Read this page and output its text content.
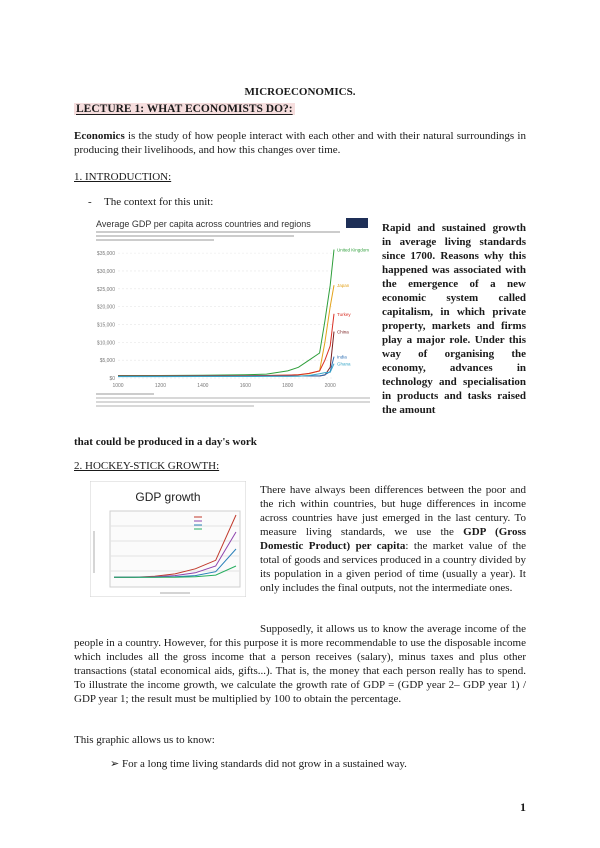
MICROECONOMICS.
LECTURE 1: WHAT ECONOMISTS DO?:
Economics is the study of how people interact with each other and with their natural surroundings in producing their livelihoods, and how this changes over time.
1. INTRODUCTION:
- The context for this unit:
Average GDP per capita across countries and regions
$0
$5,000
$10,000
$15,000
$20,000
$25,000
$30,000
$35,000
1000	1200	1400	1600	1800	2000
United Kingdom
Japan
Turkey
China
India
Ghana
Rapid and sustained growth in average living standards since 1700. Reasons why this happened was associated with the emergence of a new economic system called capitalism, in which private property, markets and firms play a major role. Under this way of organising the economy, advances in technology and specialisation in products and tasks raised the amount
that could be produced in a day's work
2. HOCKEY-STICK GROWTH:
GDP growth	There have always been differences between the poor and the rich within countries, but huge differences in income across countries have just emerged in the last century. To measure living standards, we use the GDP (Gross Domestic Product) per capita: the market value of the total of goods and services produced in a country divided by its population in a given period of time (usually a year). It only includes the final outputs, not the intermediate ones.
Supposedly, it allows us to know the average income of the people in a country. However, for this purpose it is more recommendable to use the disposable income which includes all the gross income that a person receives (salary), minus taxes and plus other transactions (statal economical aids, gifts...). That is, the money that each person really has to spend. To illustrate the income growth, we calculate the growth rate of GDP = (GDP year 2– GDP year 1) / GDP year 1; the result must be multiplied by 100 to obtain the percentage.
This graphic allows us to know:
➢ For a long time living standards did not grow in a sustained way.
1
